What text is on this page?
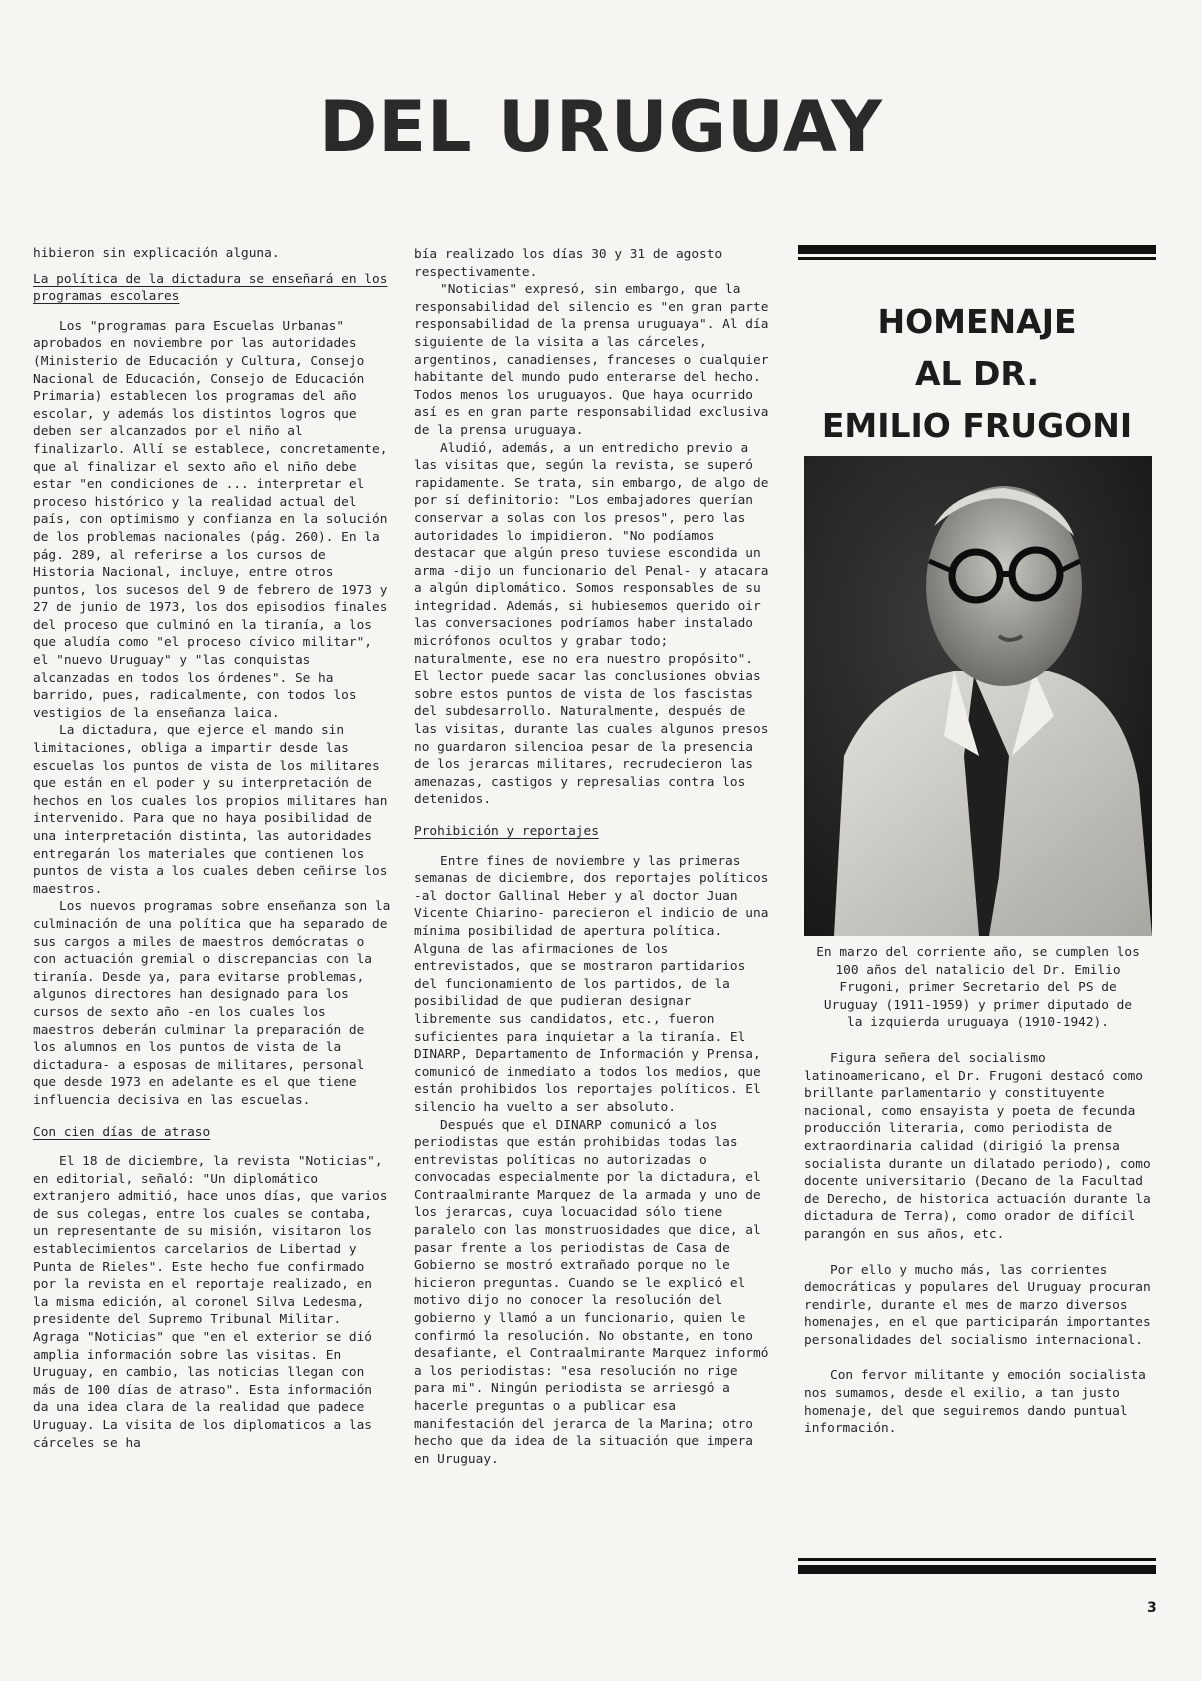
DEL URUGUAY

hibieron sin explicación alguna.

La política de la dictadura se enseñará en los programas escolares

Los "programas para Escuelas Urbanas" aprobados en noviembre por las autoridades (Ministerio de Educación y Cultura, Consejo Nacional de Educación, Consejo de Educación Primaria) establecen los programas del año escolar, y además los distintos logros que deben ser alcanzados por el niño al finalizarlo. Allí se establece, concretamente, que al finalizar el sexto año el niño debe estar "en condiciones de ... interpretar el proceso histórico y la realidad actual del país, con optimismo y confianza en la solución de los problemas nacionales (pág. 260). En la pág. 289, al referirse a los cursos de Historia Nacional, incluye, entre otros puntos, los sucesos del 9 de febrero de 1973 y 27 de junio de 1973, los dos episodios finales del proceso que culminó en la tiranía, a los que aludía como "el proceso cívico militar", el "nuevo Uruguay" y "las conquistas alcanzadas en todos los órdenes". Se ha barrido, pues, radicalmente, con todos los vestigios de la enseñanza laica.

La dictadura, que ejerce el mando sin limitaciones, obliga a impartir desde las escuelas los puntos de vista de los militares que están en el poder y su interpretación de hechos en los cuales los propios militares han intervenido. Para que no haya posibilidad de una interpretación distinta, las autoridades entregarán los materiales que contienen los puntos de vista a los cuales deben ceñirse los maestros.

Los nuevos programas sobre enseñanza son la culminación de una política que ha separado de sus cargos a miles de maestros demócratas o con actuación gremial o discrepancias con la tiranía. Desde ya, para evitarse problemas, algunos directores han designado para los cursos de sexto año -en los cuales los maestros deberán culminar la preparación de los alumnos en los puntos de vista de la dictadura- a esposas de militares, personal que desde 1973 en adelante es el que tiene influencia decisiva en las escuelas.

Con cien días de atraso

El 18 de diciembre, la revista "Noticias", en editorial, señaló: "Un diplomático extranjero admitió, hace unos días, que varios de sus colegas, entre los cuales se contaba, un representante de su misión, visitaron los establecimientos carcelarios de Libertad y Punta de Rieles". Este hecho fue confirmado por la revista en el reportaje realizado, en la misma edición, al coronel Silva Ledesma, presidente del Supremo Tribunal Militar. Agraga "Noticias" que "en el exterior se dió amplia información sobre las visitas. En Uruguay, en cambio, las noticias llegan con más de 100 días de atraso". Esta información da una idea clara de la realidad que padece Uruguay. La visita de los diplomaticos a las cárceles se ha

bía realizado los días 30 y 31 de agosto respectivamente.

"Noticias" expresó, sin embargo, que la responsabilidad del silencio es "en gran parte responsabilidad de la prensa uruguaya". Al día siguiente de la visita a las cárceles, argentinos, canadienses, franceses o cualquier habitante del mundo pudo enterarse del hecho. Todos menos los uruguayos. Que haya ocurrido así es en gran parte responsabilidad exclusiva de la prensa uruguaya.

Aludió, además, a un entredicho previo a las visitas que, según la revista, se superó rapidamente. Se trata, sin embargo, de algo de por sí definitorio: "Los embajadores querían conservar a solas con los presos", pero las autoridades lo impidieron. "No podíamos destacar que algún preso tuviese escondida un arma -dijo un funcionario del Penal- y atacara a algún diplomático. Somos responsables de su integridad. Además, si hubiesemos querido oir las conversaciones podríamos haber instalado micrófonos ocultos y grabar todo; naturalmente, ese no era nuestro propósito". El lector puede sacar las conclusiones obvias sobre estos puntos de vista de los fascistas del subdesarrollo. Naturalmente, después de las visitas, durante las cuales algunos presos no guardaron silencioa pesar de la presencia de los jerarcas militares, recrudecieron las amenazas, castigos y represalias contra los detenidos.

Prohibición y reportajes

Entre fines de noviembre y las primeras semanas de diciembre, dos reportajes políticos -al doctor Gallinal Heber y al doctor Juan Vicente Chiarino- parecieron el indicio de una mínima posibilidad de apertura política. Alguna de las afirmaciones de los entrevistados, que se mostraron partidarios del funcionamiento de los partidos, de la posibilidad de que pudieran designar libremente sus candidatos, etc., fueron suficientes para inquietar a la tiranía. El DINARP, Departamento de Información y Prensa, comunicó de inmediato a todos los medios, que están prohibidos los reportajes políticos. El silencio ha vuelto a ser absoluto.

Después que el DINARP comunicó a los periodistas que están prohibidas todas las entrevistas políticas no autorizadas o convocadas especialmente por la dictadura, el Contraalmirante Marquez de la armada y uno de los jerarcas, cuya locuacidad sólo tiene paralelo con las monstruosidades que dice, al pasar frente a los periodistas de Casa de Gobierno se mostró extrañado porque no le hicieron preguntas. Cuando se le explicó el motivo dijo no conocer la resolución del gobierno y llamó a un funcionario, quien le confirmó la resolución. No obstante, en tono desafiante, el Contraalmirante Marquez informó a los periodistas: "esa resolución no rige para mi". Ningún periodista se arriesgó a hacerle preguntas o a publicar esa manifestación del jerarca de la Marina; otro hecho que da idea de la situación que impera en Uruguay.

HOMENAJE
AL DR.
EMILIO FRUGONI

En marzo del corriente año, se cumplen los 100 años del natalicio del Dr. Emilio Frugoni, primer Secretario del PS de Uruguay (1911-1959) y primer diputado de la izquierda uruguaya (1910-1942).

Figura señera del socialismo latinoamericano, el Dr. Frugoni destacó como brillante parlamentario y constituyente nacional, como ensayista y poeta de fecunda producción literaria, como periodista de extraordinaria calidad (dirigió la prensa socialista durante un dilatado periodo), como docente universitario (Decano de la Facultad de Derecho, de historica actuación durante la dictadura de Terra), como orador de difícil parangón en sus años, etc.

Por ello y mucho más, las corrientes democráticas y populares del Uruguay procuran rendirle, durante el mes de marzo diversos homenajes, en el que participarán importantes personalidades del socialismo internacional.

Con fervor militante y emoción socialista nos sumamos, desde el exilio, a tan justo homenaje, del que seguiremos dando puntual información.

3
